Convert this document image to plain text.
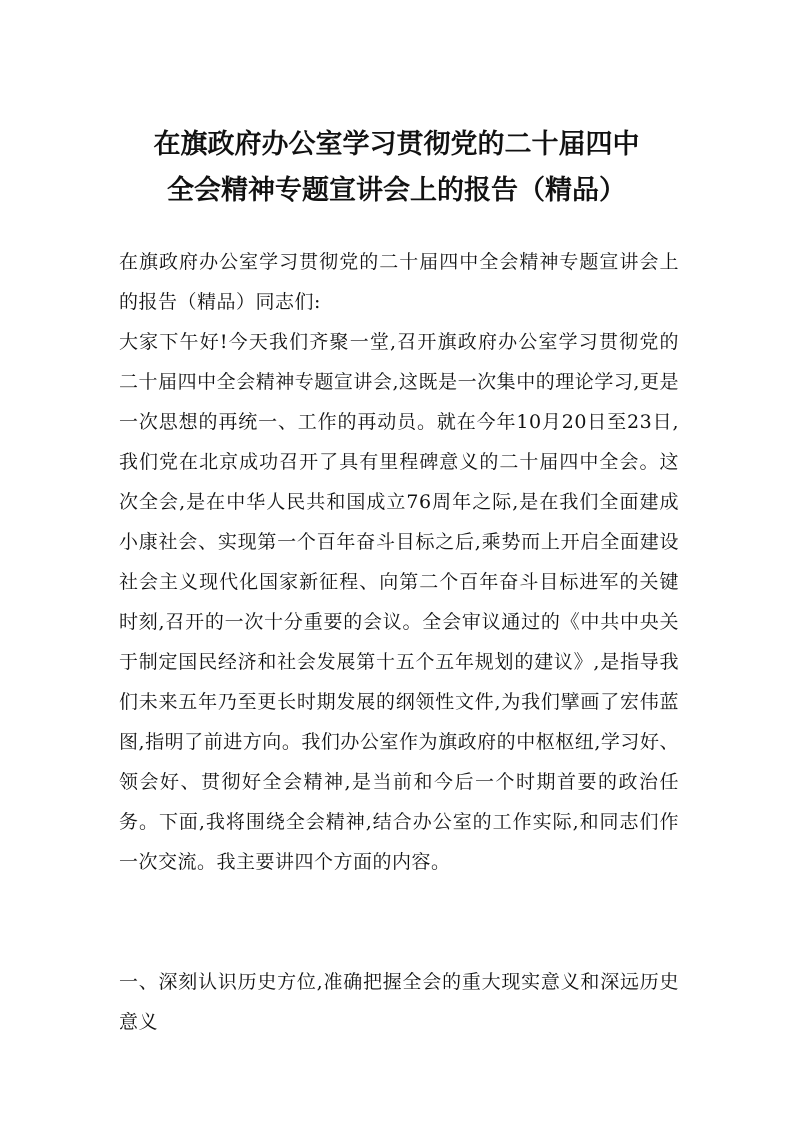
在旗政府办公室学习贯彻党的二十届四中
全会精神专题宣讲会上的报告（精品）

在旗政府办公室学习贯彻党的二十届四中全会精神专题宣讲会上的报告（精品）同志们:

大家下午好!今天我们齐聚一堂,召开旗政府办公室学习贯彻党的二十届四中全会精神专题宣讲会,这既是一次集中的理论学习,更是一次思想的再统一、工作的再动员。就在今年10月20日至23日,我们党在北京成功召开了具有里程碑意义的二十届四中全会。这次全会,是在中华人民共和国成立76周年之际,是在我们全面建成小康社会、实现第一个百年奋斗目标之后,乘势而上开启全面建设社会主义现代化国家新征程、向第二个百年奋斗目标进军的关键时刻,召开的一次十分重要的会议。全会审议通过的《中共中央关于制定国民经济和社会发展第十五个五年规划的建议》,是指导我们未来五年乃至更长时期发展的纲领性文件,为我们擘画了宏伟蓝图,指明了前进方向。我们办公室作为旗政府的中枢枢纽,学习好、领会好、贯彻好全会精神,是当前和今后一个时期首要的政治任务。下面,我将围绕全会精神,结合办公室的工作实际,和同志们作一次交流。我主要讲四个方面的内容。

一、深刻认识历史方位,准确把握全会的重大现实意义和深远历史意义
